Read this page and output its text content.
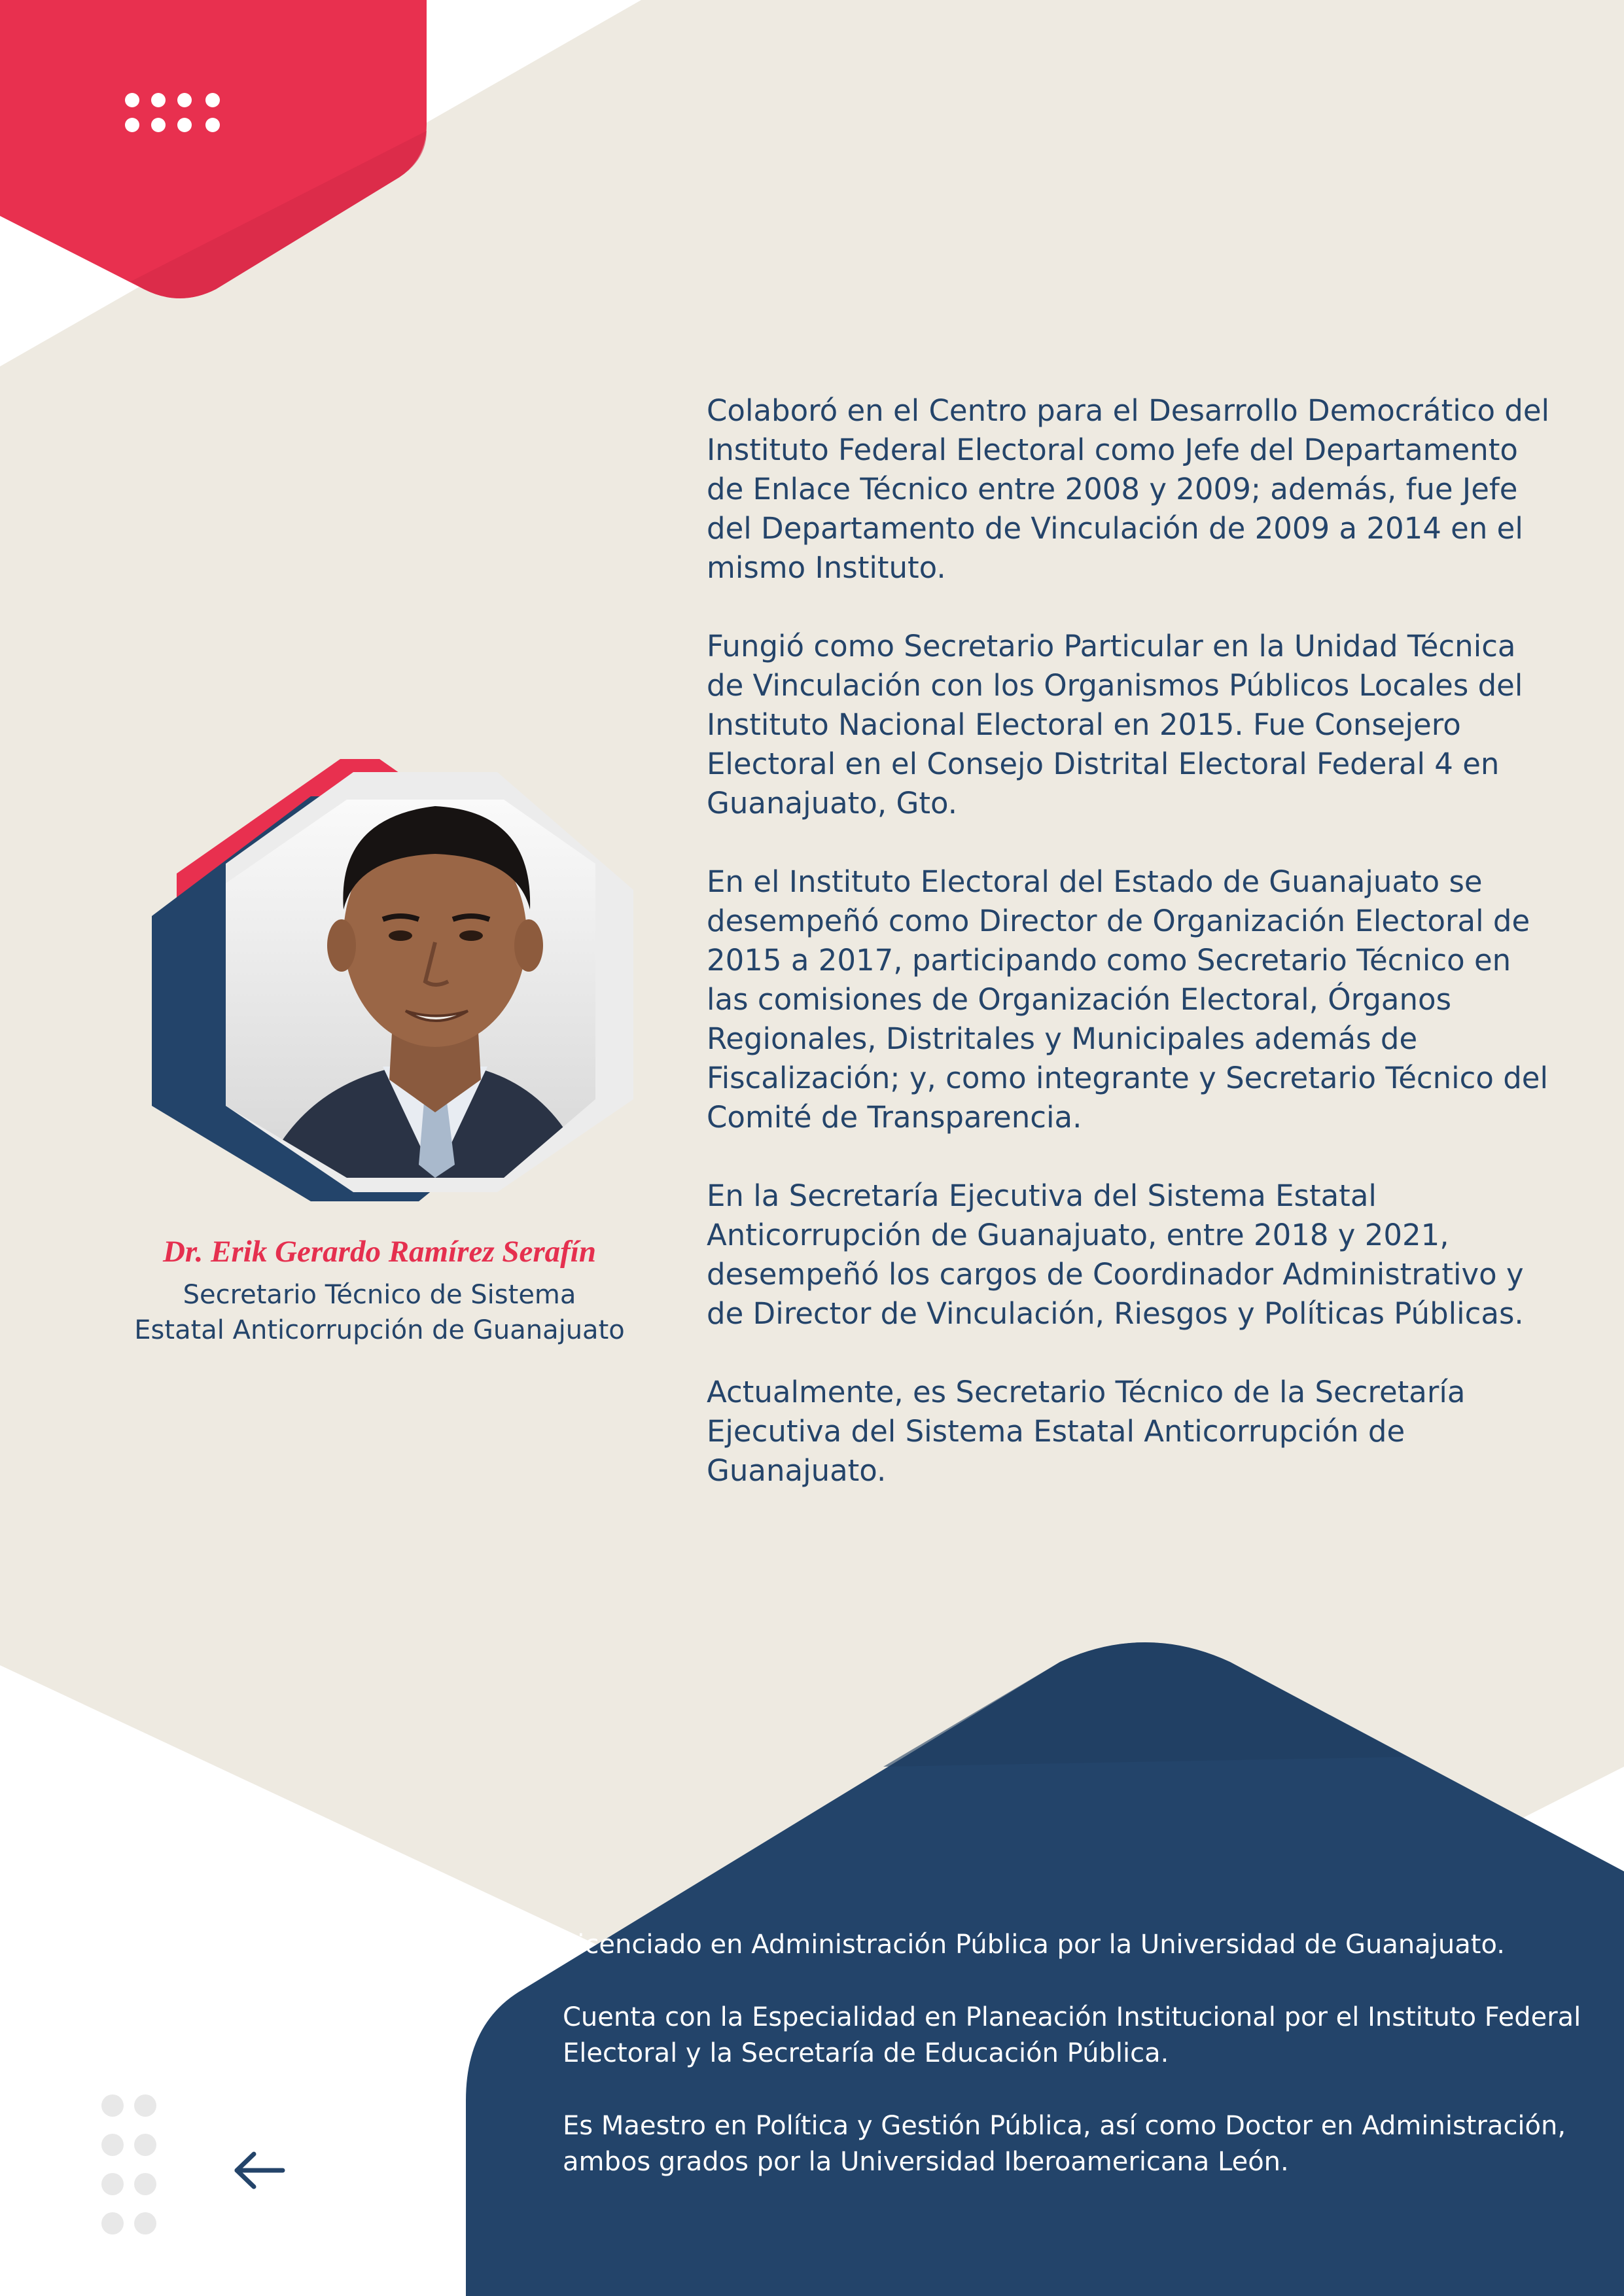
Colaboró en el Centro para el Desarrollo Democrático del Instituto Federal Electoral como Jefe del Departamento de Enlace Técnico entre 2008 y 2009; además, fue Jefe del Departamento de Vinculación de 2009 a 2014 en el mismo Instituto.

Fungió como Secretario Particular en la Unidad Técnica de Vinculación con los Organismos Públicos Locales del Instituto Nacional Electoral en 2015. Fue Consejero Electoral en el Consejo Distrital Electoral Federal 4 en Guanajuato, Gto.

En el Instituto Electoral del Estado de Guanajuato se desempeñó como Director de Organización Electoral de 2015 a 2017, participando como Secretario Técnico en las comisiones de Organización Electoral, Órganos Regionales, Distritales y Municipales además de Fiscalización; y, como integrante y Secretario Técnico del Comité de Transparencia.

En la Secretaría Ejecutiva del Sistema Estatal Anticorrupción de Guanajuato, entre 2018 y 2021, desempeñó los cargos de Coordinador Administrativo y de Director de Vinculación, Riesgos y Políticas Públicas.

Actualmente, es Secretario Técnico de la Secretaría Ejecutiva del Sistema Estatal Anticorrupción de Guanajuato.

Dr. Erik Gerardo Ramírez Serafín
Secretario Técnico de Sistema
Estatal Anticorrupción de Guanajuato

Licenciado en Administración Pública por la Universidad de Guanajuato.

Cuenta con la Especialidad en Planeación Institucional por el Instituto Federal Electoral y la Secretaría de Educación Pública.

Es Maestro en Política y Gestión Pública, así como Doctor en Administración, ambos grados por la Universidad Iberoamericana León.
